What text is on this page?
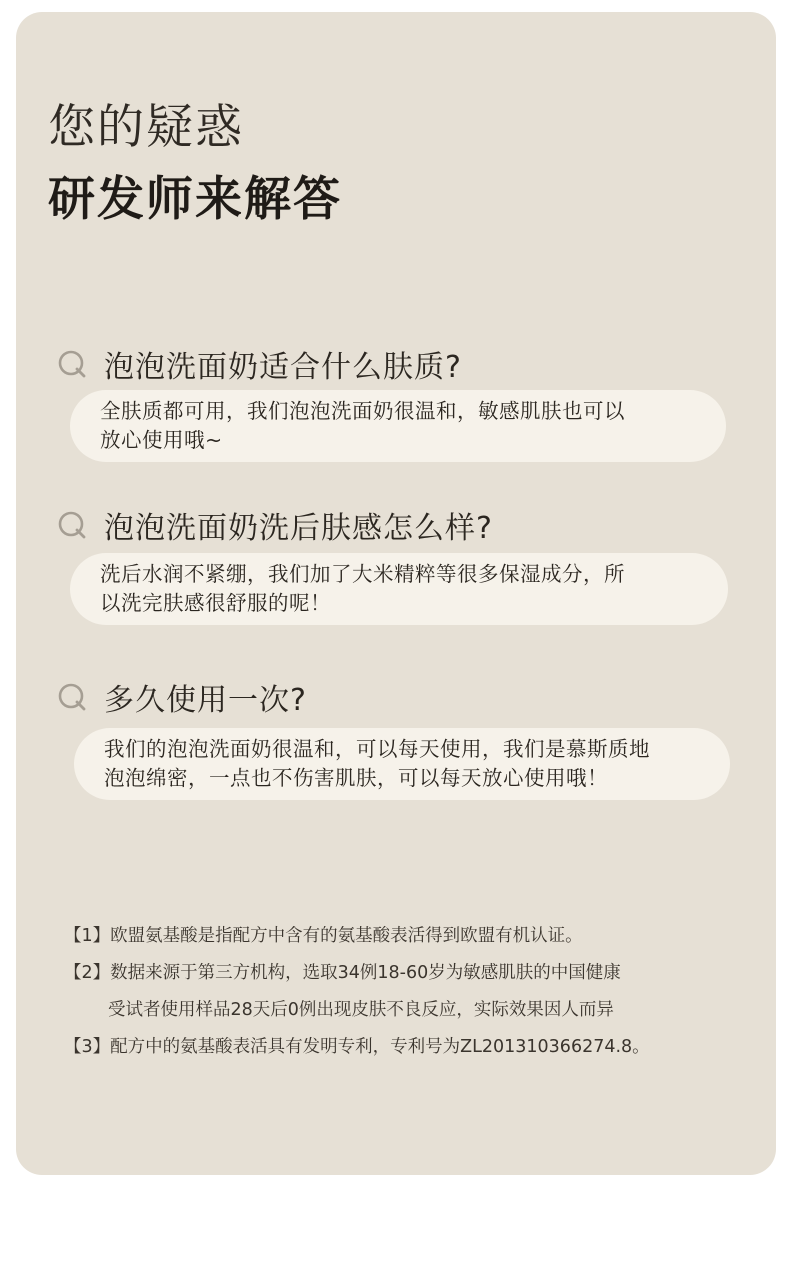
您的疑惑
研发师来解答
泡泡洗面奶适合什么肤质?
全肤质都可用，我们泡泡洗面奶很温和，敏感肌肤也可以
放心使用哦~
泡泡洗面奶洗后肤感怎么样?
洗后水润不紧绷，我们加了大米精粹等很多保湿成分，所
以洗完肤感很舒服的呢！
多久使用一次?
我们的泡泡洗面奶很温和，可以每天使用，我们是慕斯质地
泡泡绵密，一点也不伤害肌肤，可以每天放心使用哦！
【1】欧盟氨基酸是指配方中含有的氨基酸表活得到欧盟有机认证。
【2】数据来源于第三方机构，选取34例18-60岁为敏感肌肤的中国健康
受试者使用样品28天后0例出现皮肤不良反应，实际效果因人而异
【3】配方中的氨基酸表活具有发明专利，专利号为ZL201310366274.8。
